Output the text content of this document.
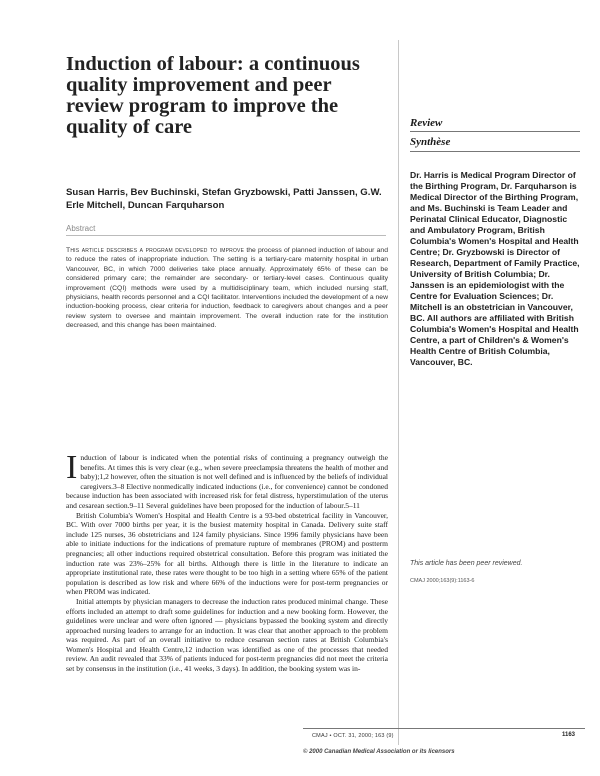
Induction of labour: a continuous quality improvement and peer review program to improve the quality of care	Review
Synthèse
Dr. Harris is Medical Program Director of the Birthing Program, Dr. Farquharson is Medical Director of the Birthing Program, and Ms. Buchinski is Team Leader and Perinatal Clinical Educator, Diagnostic and Ambulatory Program, British Columbia's Women's Hospital and Health Centre; Dr. Gryzbowski is Director of Research, Department of Family Practice, University of British Columbia; Dr. Janssen is an epidemiologist with the Centre for Evaluation Sciences; Dr. Mitchell is an obstetrician in Vancouver, BC. All authors are affiliated with British Columbia's Women's Hospital and Health Centre, a part of Children's & Women's Health Centre of British Columbia, Vancouver, BC.
This article has been peer reviewed.
CMAJ 2000;163(9):1163-6
Susan Harris, Bev Buchinski, Stefan Gryzbowski, Patti Janssen, G.W. Erle Mitchell, Duncan Farquharson
Abstract
This article describes a program developed to improve the process of planned induction of labour and to reduce the rates of inappropriate induction. The setting is a tertiary-care maternity hospital in urban Vancouver, BC, in which 7000 deliveries take place annually. Approximately 65% of these can be considered primary care; the remainder are secondary- or tertiary-level cases. Continuous quality improvement (CQI) methods were used by a multidisciplinary team, which included nursing staff, physicians, health records personnel and a CQI facilitator. Interventions included the development of a new induction-booking process, clear criteria for induction, feedback to caregivers about changes and a peer review system to oversee and maintain improvement. The overall induction rate for the institution decreased, and this change has been maintained.

Induction of labour is indicated when the potential risks of continuing a pregnancy outweigh the benefits. At times this is very clear (e.g., when severe preeclampsia threatens the health of mother and baby);1,2 however, often the situation is not well defined and is influenced by the beliefs of individual caregivers.3–8 Elective nonmedically indicated inductions (i.e., for convenience) cannot be condoned because induction has been associated with increased risk for fetal distress, hyperstimulation of the uterus and cesarean section.9–11 Several guidelines have been proposed for the induction of labour.5–11

British Columbia's Women's Hospital and Health Centre is a 93-bed obstetrical facility in Vancouver, BC. With over 7000 births per year, it is the busiest maternity hospital in Canada. Delivery suite staff include 125 nurses, 36 obstetricians and 124 family physicians. Since 1996 family physicians have been able to initiate inductions for the indications of premature rupture of membranes (PROM) and postterm pregnancies; all other inductions required obstetrical consultation. Before this program was initiated the induction rate was 23%–25% for all births. Although there is little in the literature to indicate an appropriate institutional rate, these rates were thought to be too high in a setting where 65% of the patient population is described as low risk and where 66% of the inductions were for post-term pregnancies or when PROM was indicated.

Initial attempts by physician managers to decrease the induction rates produced minimal change. These efforts included an attempt to draft some guidelines for induction and a new booking form. However, the guidelines were unclear and were often ignored — physicians bypassed the booking system and directly approached nursing leaders to arrange for an induction. It was clear that another approach to the problem was required. As part of an overall initiative to reduce cesarean section rates at British Columbia's Women's Hospital and Health Centre,12 induction was identified as one of the processes that needed review. An audit revealed that 33% of patients induced for post-term pregnancies did not meet the criteria set by consensus in the institution (i.e., 41 weeks, 3 days). In addition, the booking system was in-

CMAJ • OCT. 31, 2000; 163 (9)	1163
© 2000 Canadian Medical Association or its licensors
